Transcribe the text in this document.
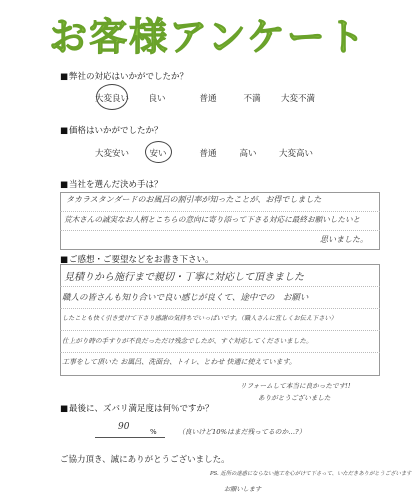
お客様アンケート
■ 弊社の対応はいかがでしたか？
大変良い 良い	普通	不満 大変不満
■ 価格はいかがでしたか？
大変安い 安い	普通	高い	大変高い
■ 当社を選んだ決め手は？
タカラスタンダードのお風呂の割引率が知ったことが、お得でしました
荒木さんの誠実なお人柄とこちらの意向に寄り添って下さる対応に最終お願いしたいと
思いました。
■ ご感想・ご要望などをお書き下さい。
見積りから施行まで親切・丁寧に対応して頂きました
職人の皆さんも知り合いで良い感じが良くて、途中での　お願い
したことも快く引き受けて下さり感謝の気持ちでいっぱいです。（職人さんに宜しくお伝え下さい）
仕上がり時の手すりが不良だっただけ残念でしたが、すぐ対応してくださいました。
工事をして頂いた お風呂、洗面台、トイレ、とわせ 快適に使えています。
リフォームして本当に良かったです!!
ありがとうございました
■ 最後に、ズバリ満足度は何％ですか？
90	%	（良いけど10%はまだ残ってるのか…?）
ご協力頂き、誠にありがとうございました。
PS. 近所の迷惑にならない施工を心がけて下さって、いただきありがとうございます
お願いします
